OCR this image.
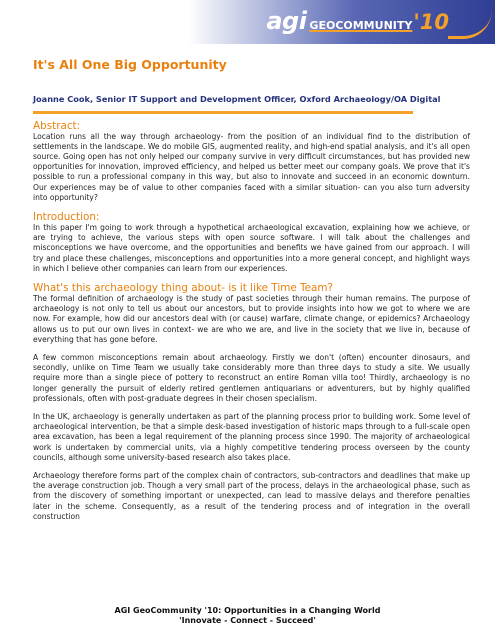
agi GEOCOMMUNITY '10
It's All One Big Opportunity
Joanne Cook, Senior IT Support and Development Officer, Oxford Archaeology/OA Digital
Abstract:

Location runs all the way through archaeology- from the position of an individual find to the distribution of settlements in the landscape. We do mobile GIS, augmented reality, and high-end spatial analysis, and it's all open source. Going open has not only helped our company survive in very difficult circumstances, but has provided new opportunities for innovation, improved efficiency, and helped us better meet our company goals. We prove that it's possible to run a professional company in this way, but also to innovate and succeed in an economic downturn. Our experiences may be of value to other companies faced with a similar situation- can you also turn adversity into opportunity?

Introduction:

In this paper I'm going to work through a hypothetical archaeological excavation, explaining how we achieve, or are trying to achieve, the various steps with open source software. I will talk about the challenges and misconceptions we have overcome, and the opportunities and benefits we have gained from our approach. I will try and place these challenges, misconceptions and opportunities into a more general concept, and highlight ways in which I believe other companies can learn from our experiences.

What's this archaeology thing about- is it like Time Team?

The formal definition of archaeology is the study of past societies through their human remains. The purpose of archaeology is not only to tell us about our ancestors, but to provide insights into how we got to where we are now. For example, how did our ancestors deal with (or cause) warfare, climate change, or epidemics? Archaeology allows us to put our own lives in context- we are who we are, and live in the society that we live in, because of everything that has gone before.

A few common misconceptions remain about archaeology. Firstly we don't (often) encounter dinosaurs, and secondly, unlike on Time Team we usually take considerably more than three days to study a site. We usually require more than a single piece of pottery to reconstruct an entire Roman villa too! Thirdly, archaeology is no longer generally the pursuit of elderly retired gentlemen antiquarians or adventurers, but by highly qualified professionals, often with post-graduate degrees in their chosen specialism.

In the UK, archaeology is generally undertaken as part of the planning process prior to building work. Some level of archaeological intervention, be that a simple desk-based investigation of historic maps through to a full-scale open area excavation, has been a legal requirement of the planning process since 1990. The majority of archaeological work is undertaken by commercial units, via a highly competitive tendering process overseen by the county councils, although some university-based research also takes place.

Archaeology therefore forms part of the complex chain of contractors, sub-contractors and deadlines that make up the average construction job. Though a very small part of the process, delays in the archaeological phase, such as from the discovery of something important or unexpected, can lead to massive delays and therefore penalties later in the scheme. Consequently, as a result of the tendering process and of integration in the overall construction

AGI GeoCommunity '10: Opportunities in a Changing World
'Innovate - Connect - Succeed'
